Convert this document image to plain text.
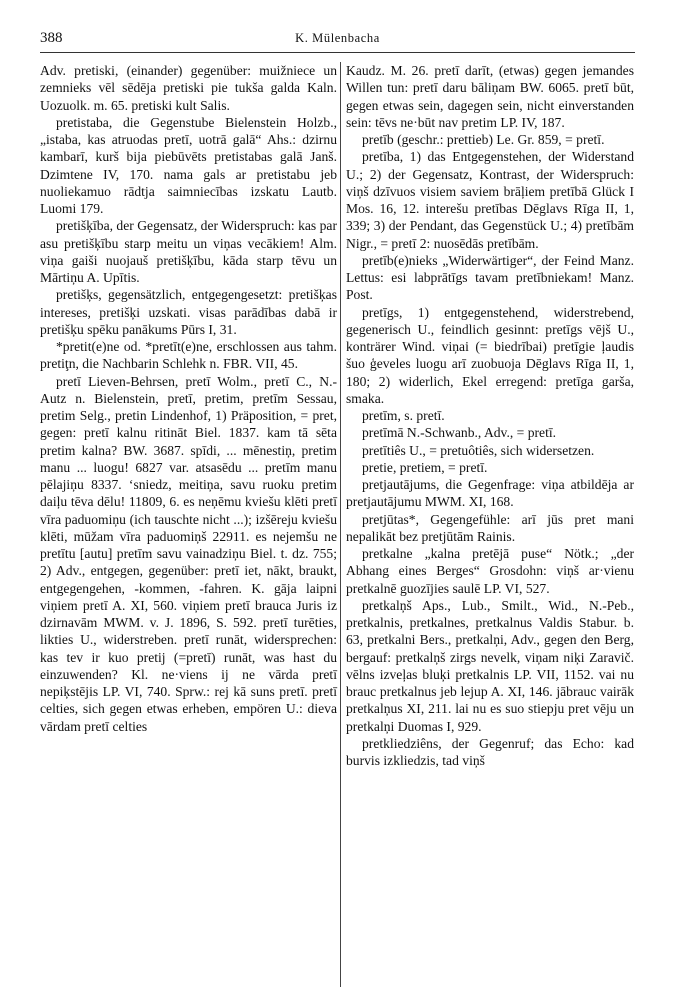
388	K. Mülenbacha

Adv. pretiski, (einander) gegenüber: muižniece un zemnieks vēl sēdēja pretiski pie tukša galda Kaln. Uozuolk. m. 65. pretiski kult Salis.

pretistaba, die Gegenstube Bielenstein Holzb., „istaba, kas atruodas pretī, uotrā galā“ Ahs.: dzirnu kambarī, kurš bija piebūvēts pretistabas galā Janš. Dzimtene IV, 170. nama gals ar pretistabu jeb nuoliekamuo rādtja saimniecības izskatu Lautb. Luomi 179.

pretišķība, der Gegensatz, der Widerspruch: kas par asu pretišķību starp meitu un viņas vecākiem! Alm. viņa gaiši nuojauš pretišķību, kāda starp tēvu un Mārtiņu A. Upītis.

pretišķs, gegensätzlich, entgegengesetzt: pretišķas intereses, pretišķi uzskati. visas parādības dabā ir pretišķu spēku panākums Pūrs I, 31.

*pretit(e)ne od. *pretīt(e)ne, erschlossen aus tahm. pretiţn, die Nachbarin Schlehk n. FBR. VII, 45.

pretī Lieven-Behrsen, pretī Wolm., pretī C., N.-Autz n. Bielenstein, pretī, pretim, pretīm Sessau, pretim Selg., pretin Lindenhof, 1) Präposition, = pret, gegen: pretī kalnu ritināt Biel. 1837. kam tā sēta pretim kalna? BW. 3687. spīdi, ... mēnestiņ, pretim manu ... luogu! 6827 var. atsasēdu ... pretīm manu pēlajiņu 8337. ‘sniedz, meitiņa, savu ruoku pretim daiļu tēva dēlu! 11809, 6. es neņēmu kviešu klēti pretī vīra paduomiņu (ich tauschte nicht ...); izšēreju kviešu klēti, mūžam vīra paduomiņš 22911. es nejemšu ne pretītu [autu] pretīm savu vainadziņu Biel. t. dz. 755; 2) Adv., entgegen, gegenüber: pretī iet, nākt, braukt, entgegengehen, -kommen, -fahren. K. gāja laipni viņiem pretī A. XI, 560. viņiem pretī brauca Juris iz dzirnavām MWM. v. J. 1896, S. 592. pretī turēties, likties U., widerstreben. pretī runāt, widersprechen: kas tev ir kuo pretij (=pretī) runāt, was hast du einzuwenden? Kl. ne·viens ij ne vārda pretī nepiķstējis LP. VI, 740. Sprw.: rej kā suns pretī. pretī celties, sich gegen etwas erheben, empören U.: dieva vārdam pretī celties

Kaudz. M. 26. pretī darīt, (etwas) gegen jemandes Willen tun: pretī daru bāliņam BW. 6065. pretī būt, gegen etwas sein, dagegen sein, nicht einverstanden sein: tēvs ne·būt nav pretim LP. IV, 187.

pretīb (geschr.: prettieb) Le. Gr. 859, = pretī.

pretība, 1) das Entgegenstehen, der Widerstand U.; 2) der Gegensatz, Kontrast, der Widerspruch: viņš dzīvuos visiem saviem brāļiem pretībā Glück I Mos. 16, 12. interešu pretības Dēglavs Rīga II, 1, 339; 3) der Pendant, das Gegenstück U.; 4) pretībām Nigr., = pretī 2: nuosēdās pretībām.

pretīb(e)nieks „Widerwärtiger“, der Feind Manz. Lettus: esi labprātīgs tavam pretībniekam! Manz. Post.

pretīgs, 1) entgegenstehend, widerstrebend, gegenerisch U., feindlich gesinnt: pretīgs vējš U., konträrer Wind. viņai (= biedrībai) pretīgie ļaudis šuo ģeveles luogu arī zuobuoja Dēglavs Rīga II, 1, 180; 2) widerlich, Ekel erregend: pretīga garša, smaka.

pretīm, s. pretī.

pretīmā N.-Schwanb., Adv., = pretī.

pretītiês U., = pretuôtiês, sich widersetzen.

pretie, pretiem, = pretī.

pretjautājums, die Gegenfrage: viņa atbildēja ar pretjautājumu MWM. XI, 168.

pretjūtas*, Gegengefühle: arī jūs pret mani nepalikāt bez pretjūtām Rainis.

pretkalne „kalna pretējā puse“ Nötk.; „der Abhang eines Berges“ Grosdohn: viņš ar·vienu pretkalnē guozījies saulē LP. VI, 527.

pretkalņš Aps., Lub., Smilt., Wid., N.-Peb., pretkalnis, pretkalnes, pretkalnus Valdis Stabur. b. 63, pretkalni Bers., pretkalņi, Adv., gegen den Berg, bergauf: pretkalņš zirgs nevelk, viņam niķi Zaravič. vēlns izveļas bluķi pretkalnis LP. VII, 1152. vai nu brauc pretkalnus jeb lejup A. XI, 146. jābrauc vairāk pretkalņus XI, 211. lai nu es suo stiepju pret vēju un pretkalņi Duomas I, 929.

pretkliedziêns, der Gegenruf; das Echo: kad burvis izkliedzis, tad viņš
